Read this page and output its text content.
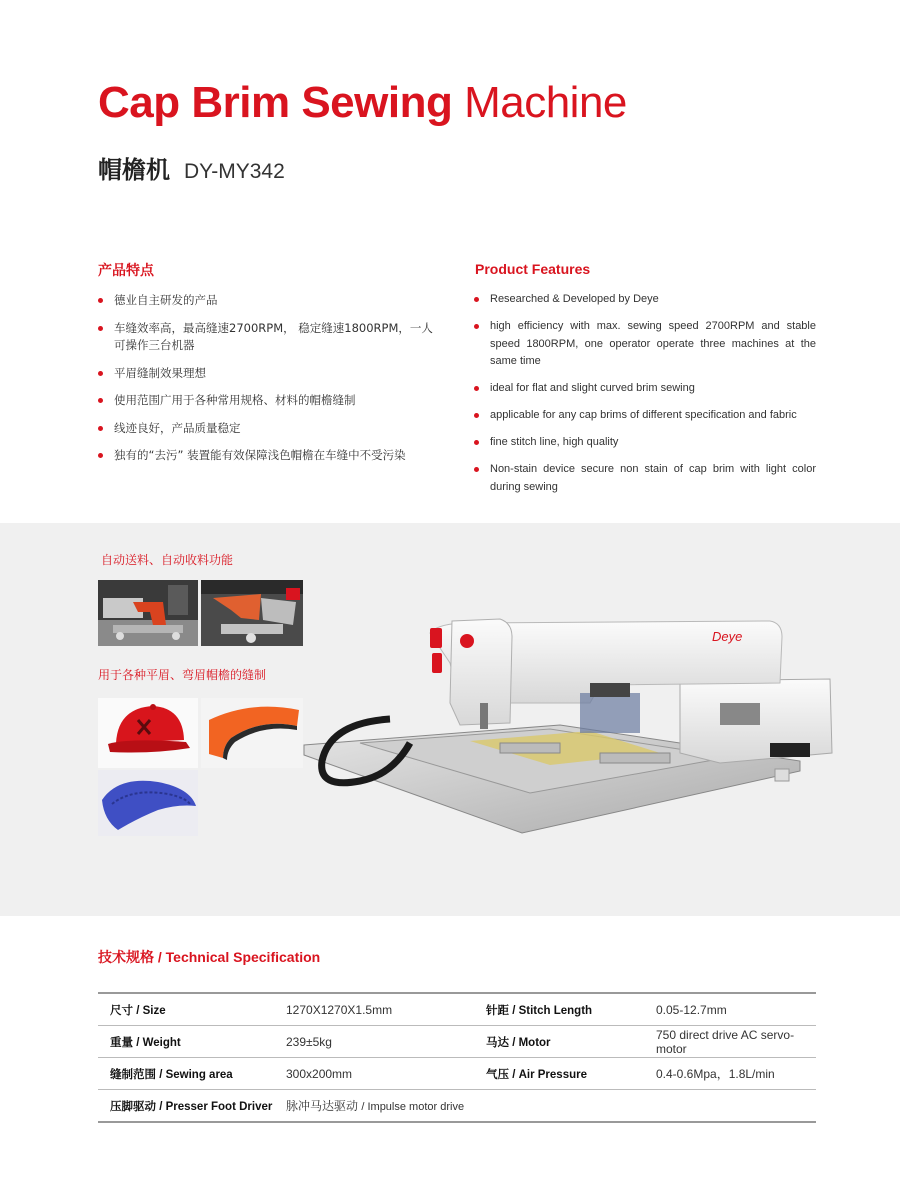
Cap Brim Sewing Machine
帽檐机 DY-MY342
产品特点	Product Features
德业自主研发的产品
车缝效率高，最高缝速2700RPM， 稳定缝速1800RPM，一人可操作三台机器
平眉缝制效果理想
使用范围广用于各种常用规格、材料的帽檐缝制
线迹良好，产品质量稳定
独有的“去污” 装置能有效保障浅色帽檐在车缝中不受污染
Researched & Developed by Deye
high efficiency with max. sewing speed 2700RPM and stable speed 1800RPM, one operator operate three machines at the same time
ideal for flat and slight curved brim sewing
applicable for any cap brims of different specification and fabric
fine stitch line, high quality
Non-stain device secure non stain of cap brim with light color during sewing
自动送料、自动收料功能
用于各种平眉、弯眉帽檐的缝制
Deye
技术规格 / Technical Specification
尺寸 / Size	1270X1270X1.5mm	针距 / Stitch Length	0.05-12.7mm
重量 / Weight	239±5kg	马达 / Motor	750 direct drive AC servo-motor
缝制范围 / Sewing area	300x200mm	气压 / Air Pressure	0.4-0.6Mpa，1.8L/min
压脚驱动 / Presser Foot Driver	脉冲马达驱动 / Impulse motor drive		
